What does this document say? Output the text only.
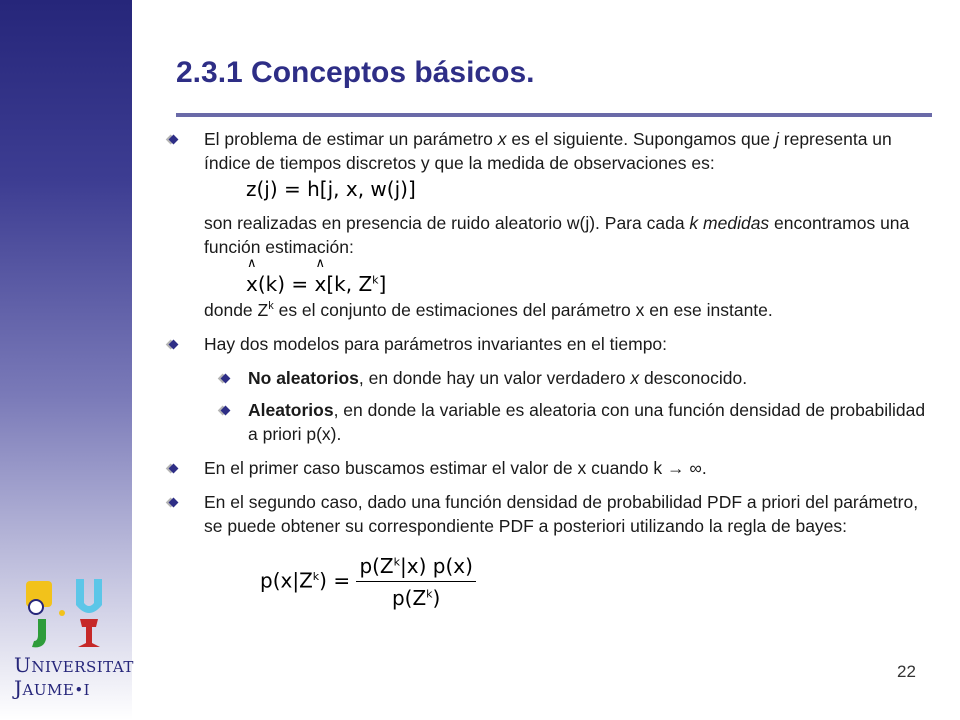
UNIVERSITAT
JAUME•I
2.3.1 Conceptos básicos.
El problema de estimar un parámetro x es el siguiente. Supongamos que j representa un índice de tiempos discretos y que la medida de observaciones es:
z(j) = h[j, x, w(j)]
son realizadas en presencia de ruido aleatorio w(j). Para cada k medidas encontramos una función estimación:
∧ x(k) = ∧ x[k, $Z^k$]
donde $Z^k$ es el conjunto de estimaciones del parámetro x en ese instante.
Hay dos modelos para parámetros invariantes en el tiempo:
No aleatorios, en donde hay un valor verdadero x desconocido.
Aleatorios, en donde la variable es aleatoria con una función densidad de probabilidad a priori p(x).
En el primer caso buscamos estimar el valor de x cuando k → ∞.
En el segundo caso, dado una función densidad de probabilidad PDF a priori del parámetro, se puede obtener su correspondiente PDF a posteriori utilizando la regla de bayes:
$p(x|Z^k) = \frac{p(Z^k|x) p(x)}{p(Z^k)}$
22
